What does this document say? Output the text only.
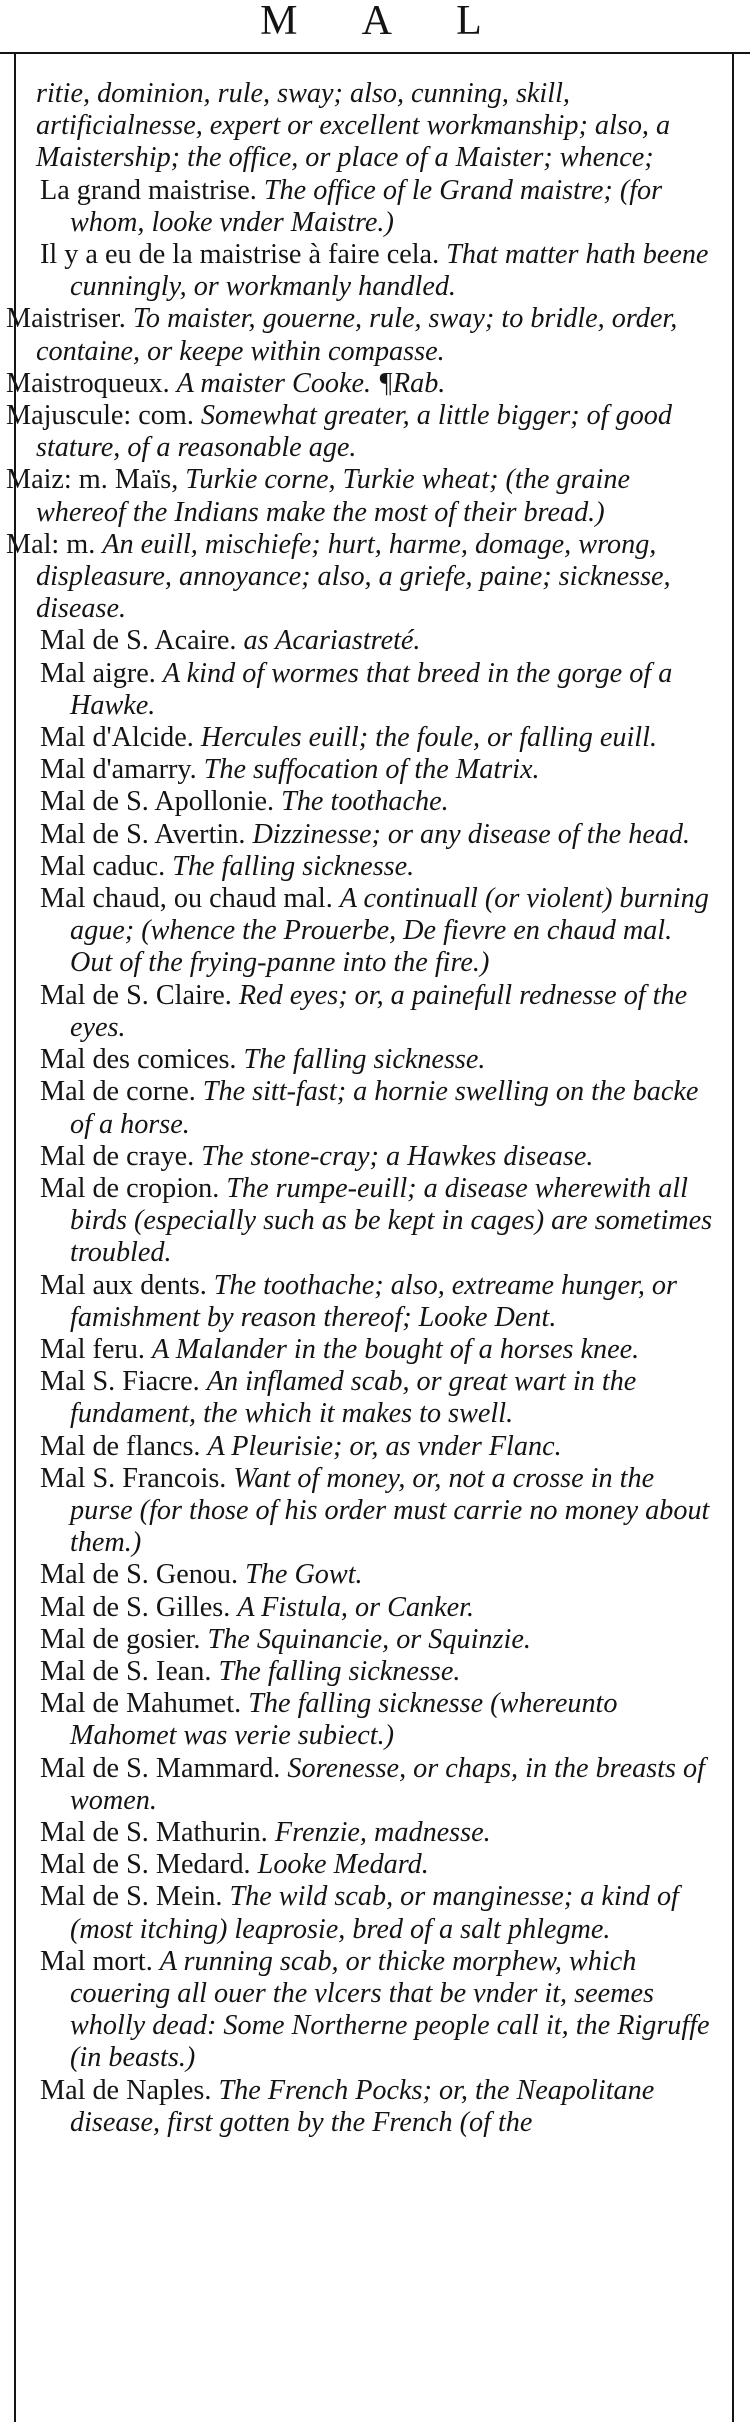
M A L

ritie, dominion, rule, sway; also, cunning, skill, artificialnesse, expert or excellent workmanship; also, a Maistership; the office, or place of a Maister; whence;

La grand maistrise. The office of le Grand maistre; (for whom, looke vnder Maistre.)

Il y a eu de la maistrise à faire cela. That matter hath beene cunningly, or workmanly handled.

Maistriser. To maister, gouerne, rule, sway; to bridle, order, containe, or keepe within compasse.

Maistroqueux. A maister Cooke. ¶Rab.

Majuscule: com. Somewhat greater, a little bigger; of good stature, of a reasonable age.

Maiz: m. Maïs, Turkie corne, Turkie wheat; (the graine whereof the Indians make the most of their bread.)

Mal: m. An euill, mischiefe; hurt, harme, domage, wrong, displeasure, annoyance; also, a griefe, paine; sicknesse, disease.

Mal de S. Acaire. as Acariastreté.

Mal aigre. A kind of wormes that breed in the gorge of a Hawke.

Mal d'Alcide. Hercules euill; the foule, or falling euill.

Mal d'amarry. The suffocation of the Matrix.

Mal de S. Apollonie. The toothache.

Mal de S. Avertin. Dizzinesse; or any disease of the head.

Mal caduc. The falling sicknesse.

Mal chaud, ou chaud mal. A continuall (or violent) burning ague; (whence the Prouerbe, De fievre en chaud mal. Out of the frying-panne into the fire.)

Mal de S. Claire. Red eyes; or, a painefull rednesse of the eyes.

Mal des comices. The falling sicknesse.

Mal de corne. The sitt-fast; a hornie swelling on the backe of a horse.

Mal de craye. The stone-cray; a Hawkes disease.

Mal de cropion. The rumpe-euill; a disease wherewith all birds (especially such as be kept in cages) are sometimes troubled.

Mal aux dents. The toothache; also, extreame hunger, or famishment by reason thereof; Looke Dent.

Mal feru. A Malander in the bought of a horses knee.

Mal S. Fiacre. An inflamed scab, or great wart in the fundament, the which it makes to swell.

Mal de flancs. A Pleurisie; or, as vnder Flanc.

Mal S. Francois. Want of money, or, not a crosse in the purse (for those of his order must carrie no money about them.)

Mal de S. Genou. The Gowt.

Mal de S. Gilles. A Fistula, or Canker.

Mal de gosier. The Squinancie, or Squinzie.

Mal de S. Iean. The falling sicknesse.

Mal de Mahumet. The falling sicknesse (whereunto Mahomet was verie subiect.)

Mal de S. Mammard. Sorenesse, or chaps, in the breasts of women.

Mal de S. Mathurin. Frenzie, madnesse.

Mal de S. Medard. Looke Medard.

Mal de S. Mein. The wild scab, or manginesse; a kind of (most itching) leaprosie, bred of a salt phlegme.

Mal mort. A running scab, or thicke morphew, which couering all ouer the vlcers that be vnder it, seemes wholly dead: Some Northerne people call it, the Rigruffe (in beasts.)

Mal de Naples. The French Pocks; or, the Neapolitane disease, first gotten by the French (of the
